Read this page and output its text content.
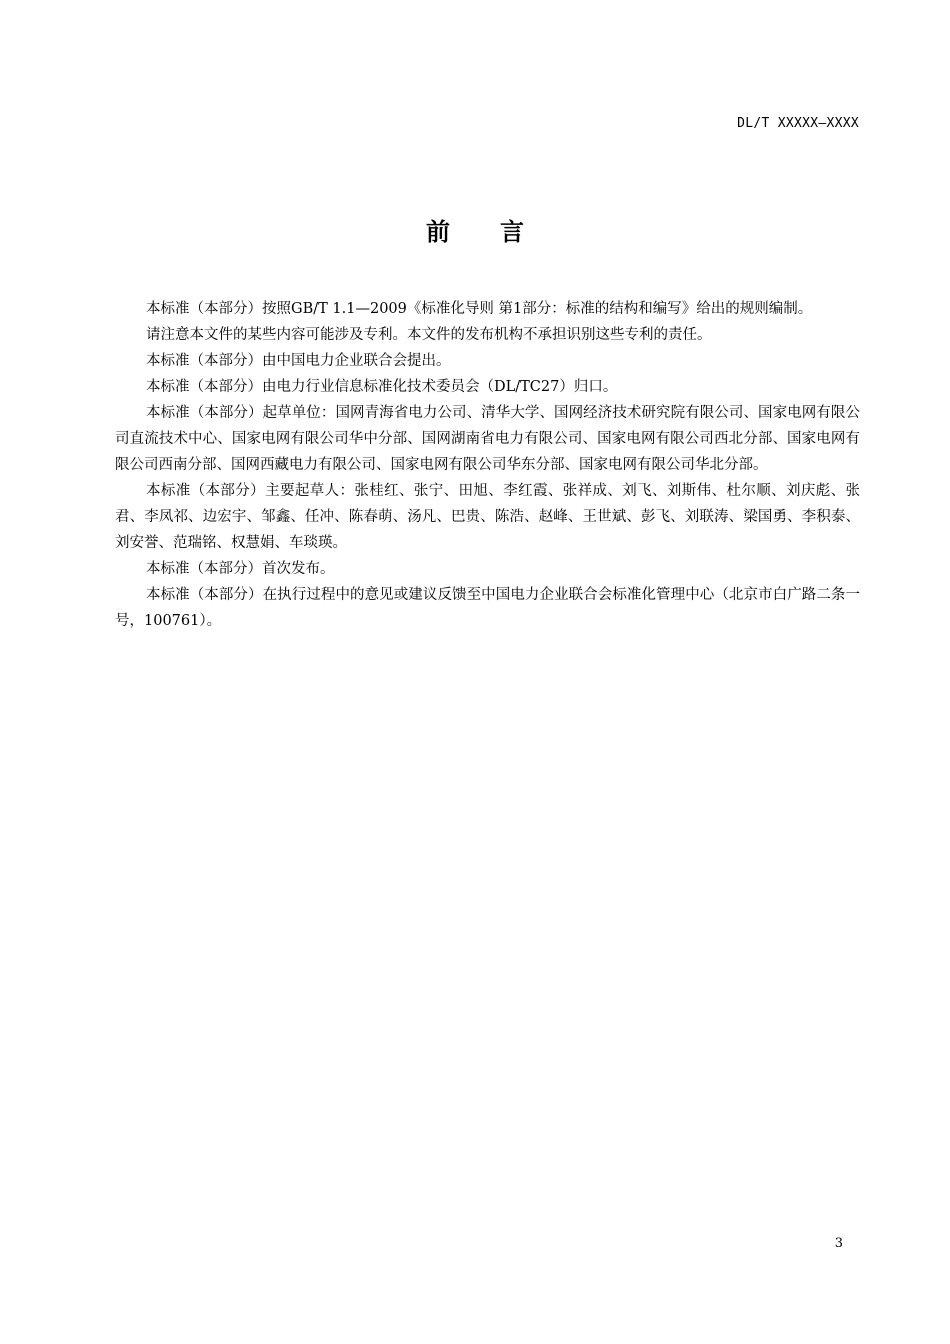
DL/T XXXXX—XXXX
前言

本标准（本部分）按照GB/T 1.1—2009《标准化导则 第1部分：标准的结构和编写》给出的规则编制。

请注意本文件的某些内容可能涉及专利。本文件的发布机构不承担识别这些专利的责任。

本标准（本部分）由中国电力企业联合会提出。

本标准（本部分）由电力行业信息标准化技术委员会（DL/TC27）归口。

本标准（本部分）起草单位：国网青海省电力公司、清华大学、国网经济技术研究院有限公司、国家电网有限公司直流技术中心、国家电网有限公司华中分部、国网湖南省电力有限公司、国家电网有限公司西北分部、国家电网有限公司西南分部、国网西藏电力有限公司、国家电网有限公司华东分部、国家电网有限公司华北分部。

本标准（本部分）主要起草人：张桂红、张宁、田旭、李红霞、张祥成、刘飞、刘斯伟、杜尔顺、刘庆彪、张君、李凤祁、边宏宇、邹鑫、任冲、陈春萌、汤凡、巴贵、陈浩、赵峰、王世斌、彭飞、刘联涛、梁国勇、李积泰、刘安誉、范瑞铭、权慧娟、车琰瑛。

本标准（本部分）首次发布。

本标准（本部分）在执行过程中的意见或建议反馈至中国电力企业联合会标准化管理中心（北京市白广路二条一号，100761）。

3
